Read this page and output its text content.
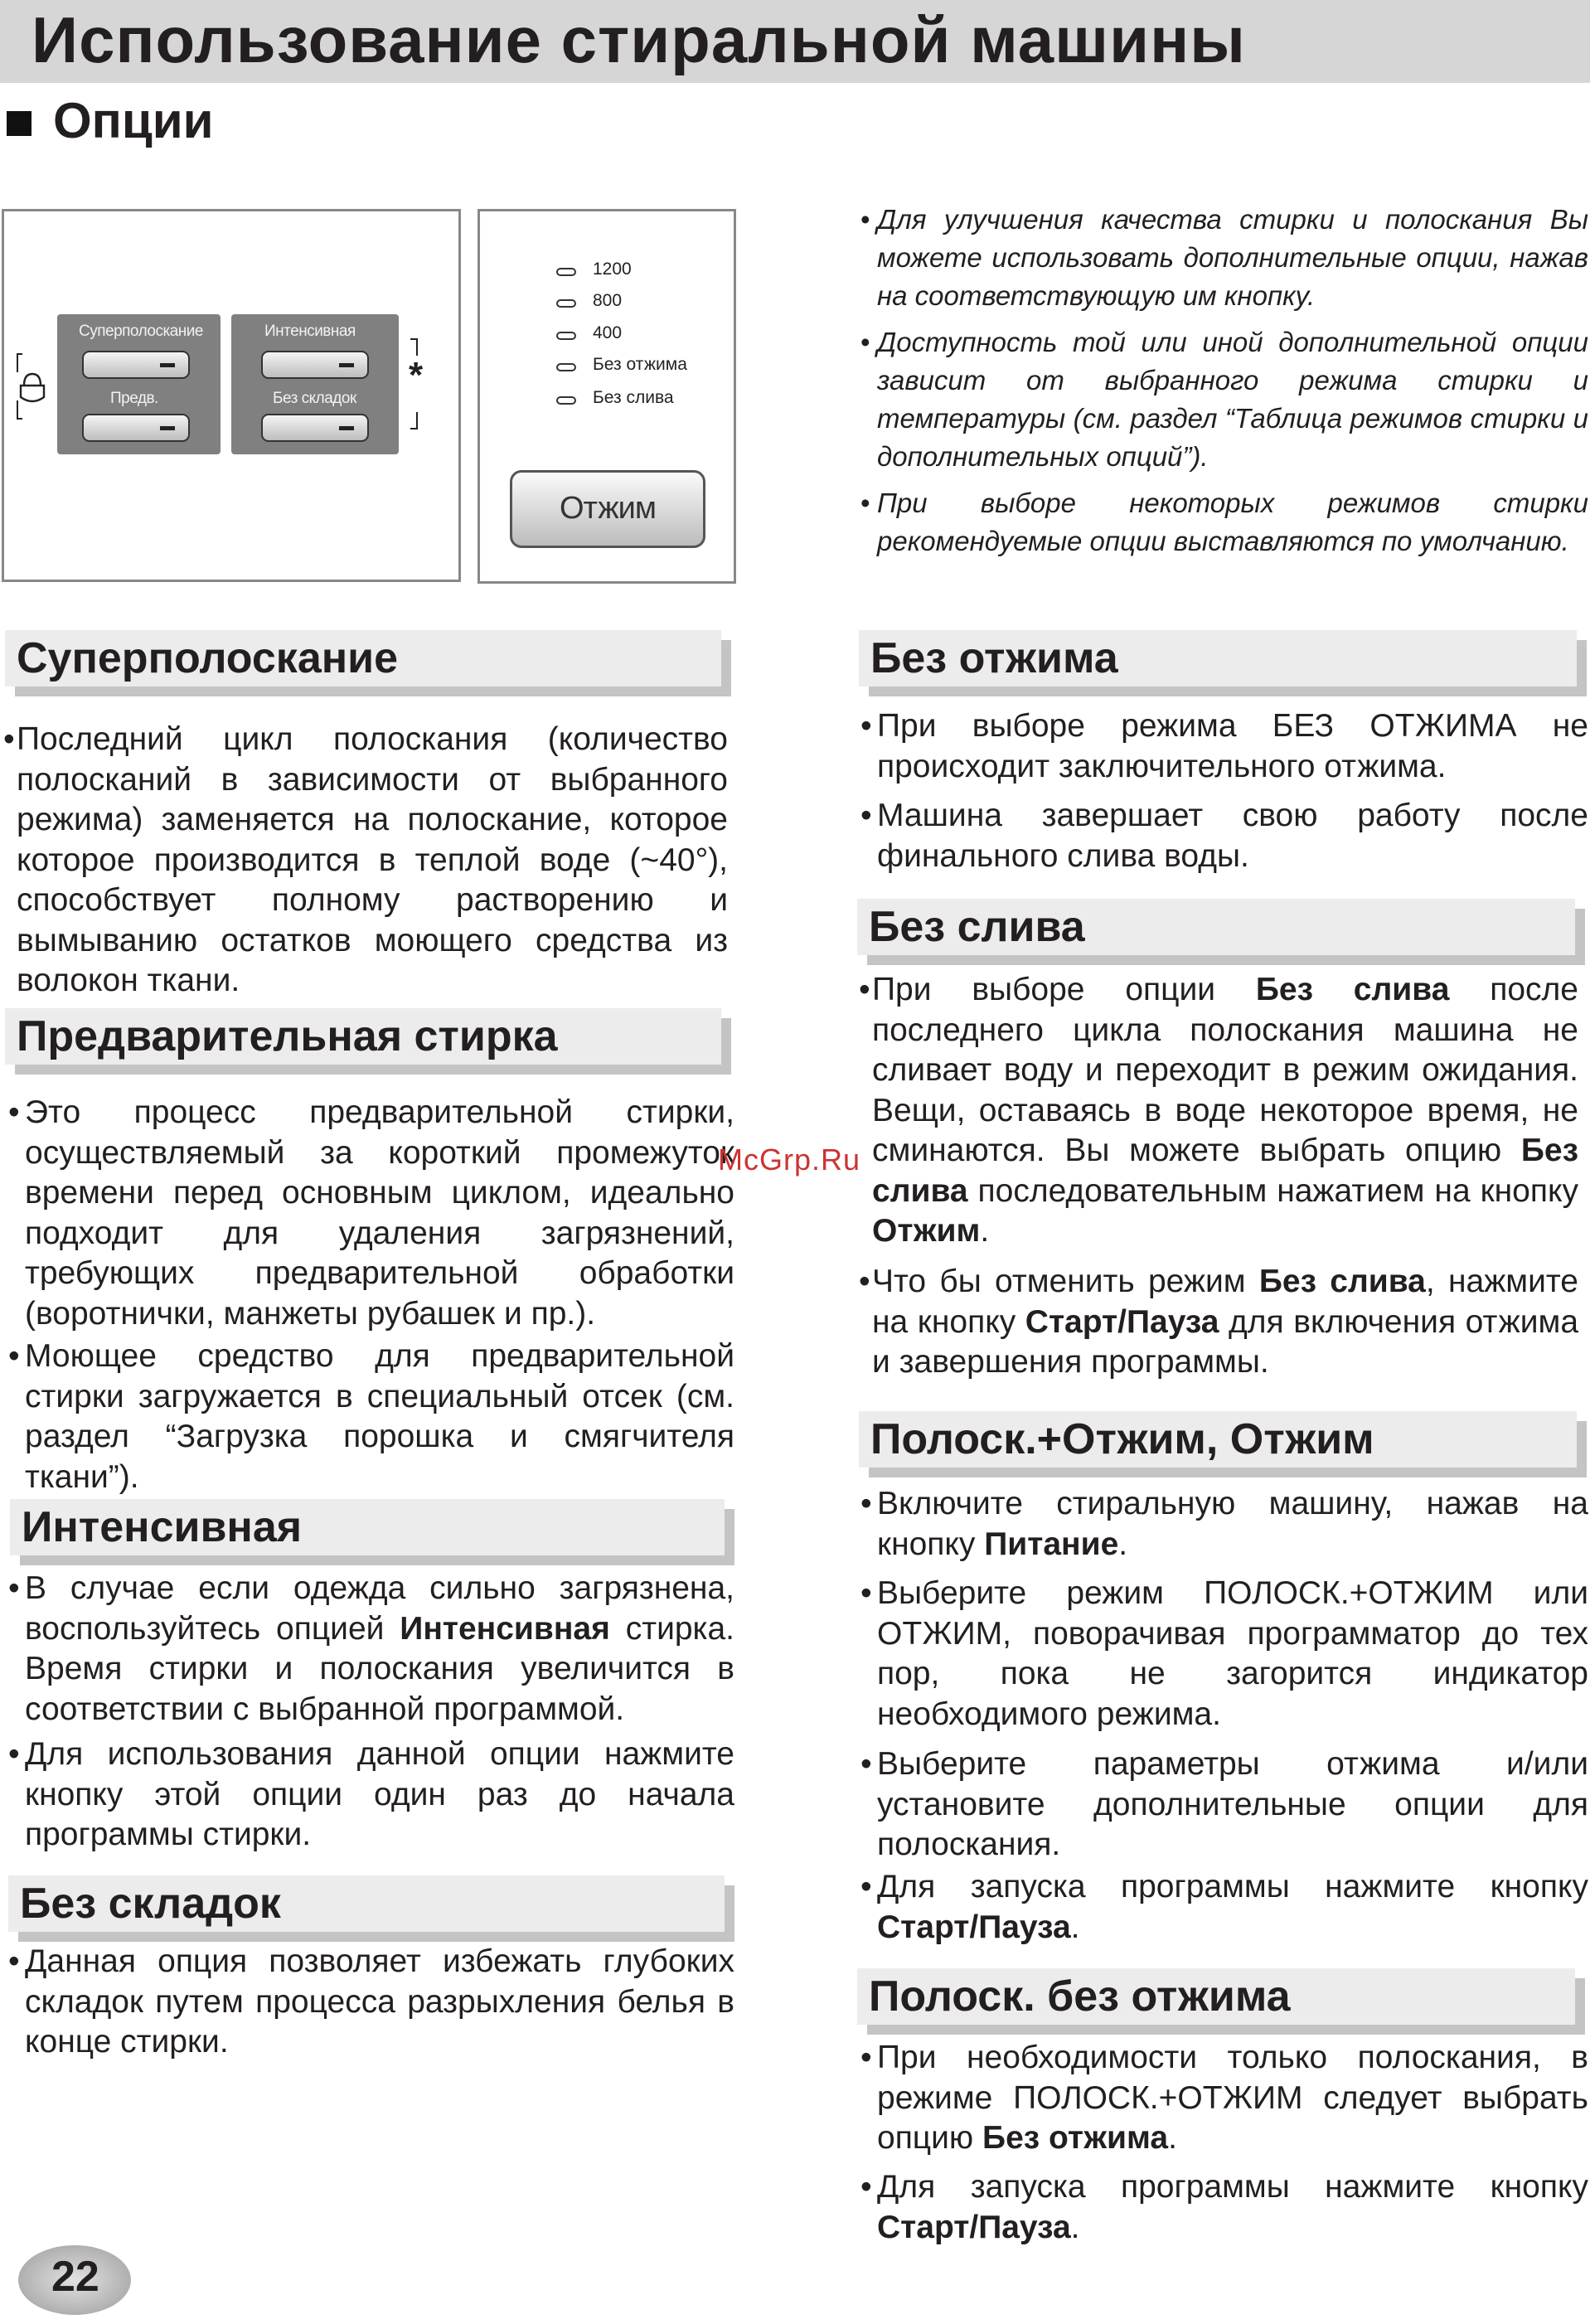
Использование стиральной машины
Опции
Суперполоскание
Предв.
Интенсивная
Без складок
*
1200
800
400
Без отжима
Без слива
Отжим
• Для улучшения качества стирки и полоскания Вы можете использовать дополнительные опции, нажав на соответствующую им кнопку.
• Доступность той или иной дополнительной опции зависит от выбранного режима стирки и температуры (см. раздел “Таблица режимов стирки и дополнительных опций”).
• При выборе некоторых режимов стирки рекомендуемые опции выставляются по умолчанию.
Суперполоскание
• Последний цикл полоскания (количество полосканий в зависимости от выбранного режима) заменяется на полоскание, которое которое производится в теплой воде (~40°), способствует полному растворению и вымыванию остатков моющего средства из волокон ткани.
Предварительная стирка
• Это процесс предварительной стирки, осуществляемый за короткий промежуток времени перед основным циклом, идеально подходит для удаления загрязнений, требующих предварительной обработки (воротнички, манжеты рубашек и пр.).
• Моющее средство для предварительной стирки загружается в специальный отсек (см. раздел “Загрузка порошка и смягчителя ткани”).
Интенсивная
• В случае если одежда сильно загрязнена, воспользуйтесь опцией Интенсивная стирка. Время стирки и полоскания увеличится в соответствии с выбранной программой.
• Для использования данной опции нажмите кнопку этой опции один раз до начала программы стирки.
Без складок
• Данная опция позволяет избежать глубоких складок путем процесса разрыхления белья в конце стирки.
Без отжима
• При выборе режима БЕЗ ОТЖИМА не происходит заключительного отжима.
• Машина завершает свою работу после финального слива воды.
Без слива
• При выборе опции Без слива после последнего цикла полоскания машина не сливает воду и переходит в режим ожидания. Вещи, оставаясь в воде некоторое время, не сминаются. Вы можете выбрать опцию Без слива последовательным нажатием на кнопку Отжим.
• Что бы отменить режим Без слива, нажмите на кнопку Старт/Пауза для включения отжима и завершения программы.
Полоск.+Отжим, Отжим
• Включите стиральную машину, нажав на кнопку Питание.
• Выберите режим ПОЛОСК.+ОТЖИМ или ОТЖИМ, поворачивая программатор до тех пор, пока не загорится индикатор необходимого режима.
• Выберите параметры отжима и/или установите дополнительные опции для полоскания.
• Для запуска программы нажмите кнопку Старт/Пауза.
Полоск. без отжима
• При необходимости только полоскания, в режиме ПОЛОСК.+ОТЖИМ следует выбрать опцию Без отжима.
• Для запуска программы нажмите кнопку Старт/Пауза.
McGrp.Ru
22
